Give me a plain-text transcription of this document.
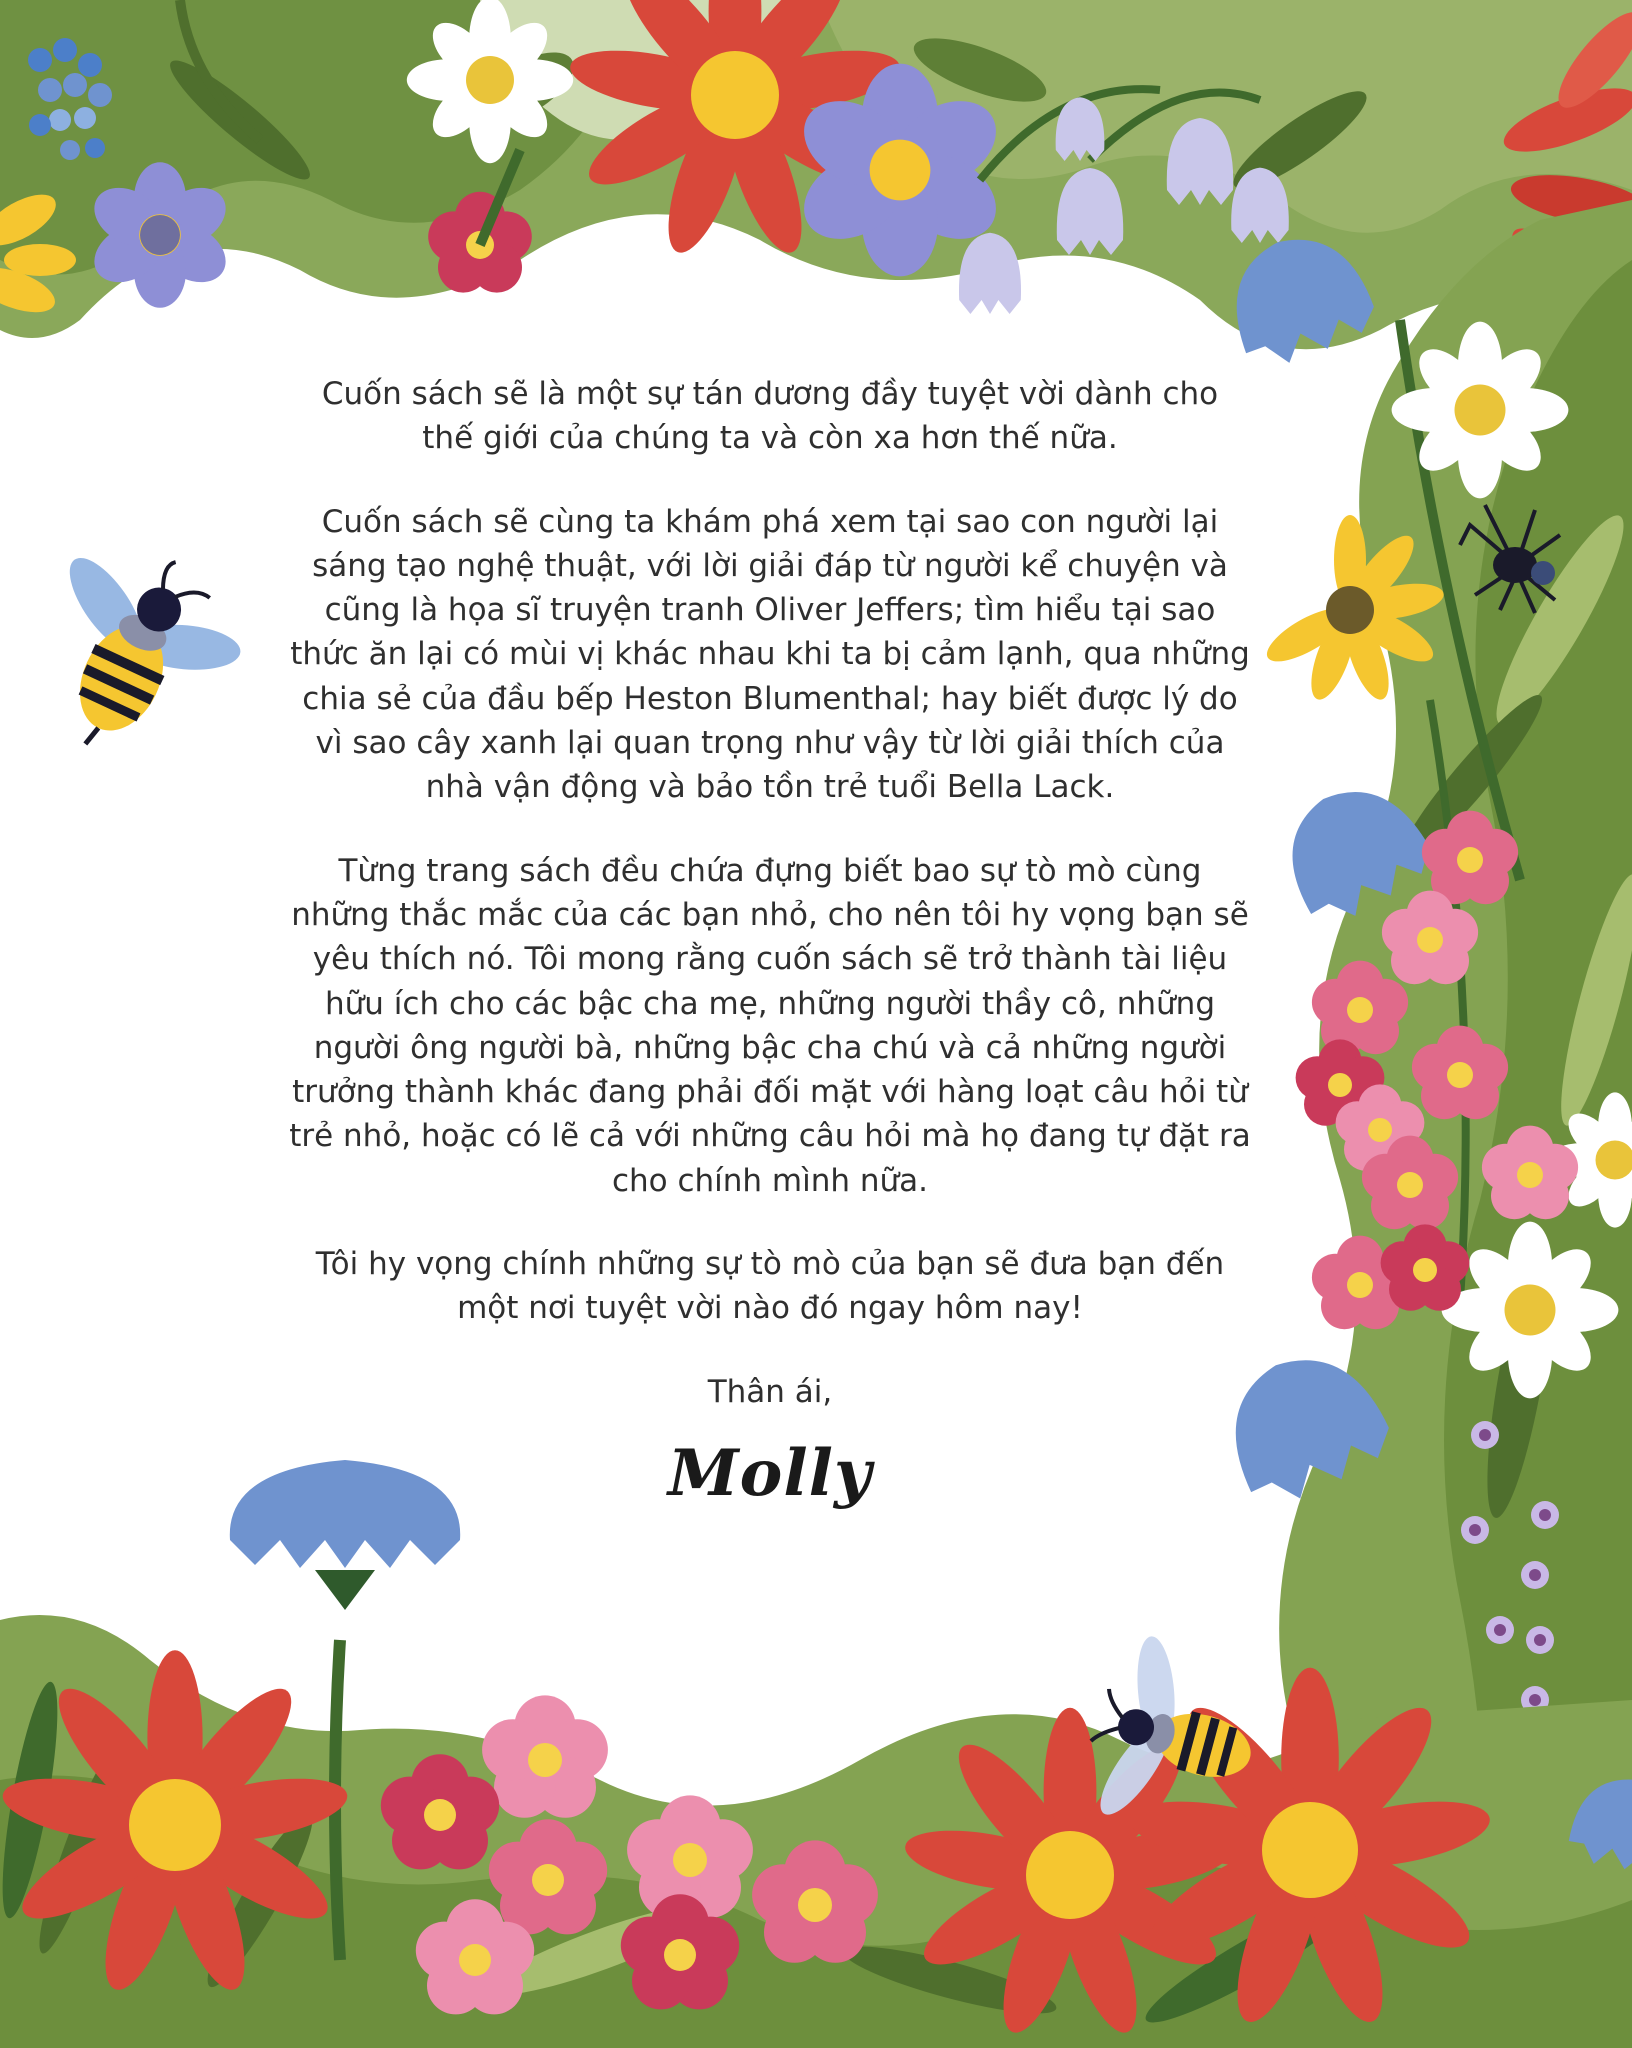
Cuốn sách sẽ là một sự tán dương đầy tuyệt vời dành cho
thế giới của chúng ta và còn xa hơn thế nữa.

Cuốn sách sẽ cùng ta khám phá xem tại sao con người lại
sáng tạo nghệ thuật, với lời giải đáp từ người kể chuyện và
cũng là họa sĩ truyện tranh Oliver Jeffers; tìm hiểu tại sao
thức ăn lại có mùi vị khác nhau khi ta bị cảm lạnh, qua những
chia sẻ của đầu bếp Heston Blumenthal; hay biết được lý do
vì sao cây xanh lại quan trọng như vậy từ lời giải thích của
nhà vận động và bảo tồn trẻ tuổi Bella Lack.

Từng trang sách đều chứa đựng biết bao sự tò mò cùng
những thắc mắc của các bạn nhỏ, cho nên tôi hy vọng bạn sẽ
yêu thích nó. Tôi mong rằng cuốn sách sẽ trở thành tài liệu
hữu ích cho các bậc cha mẹ, những người thầy cô, những
người ông người bà, những bậc cha chú và cả những người
trưởng thành khác đang phải đối mặt với hàng loạt câu hỏi từ
trẻ nhỏ, hoặc có lẽ cả với những câu hỏi mà họ đang tự đặt ra
cho chính mình nữa.

Tôi hy vọng chính những sự tò mò của bạn sẽ đưa bạn đến
một nơi tuyệt vời nào đó ngay hôm nay!

Thân ái,
Molly
